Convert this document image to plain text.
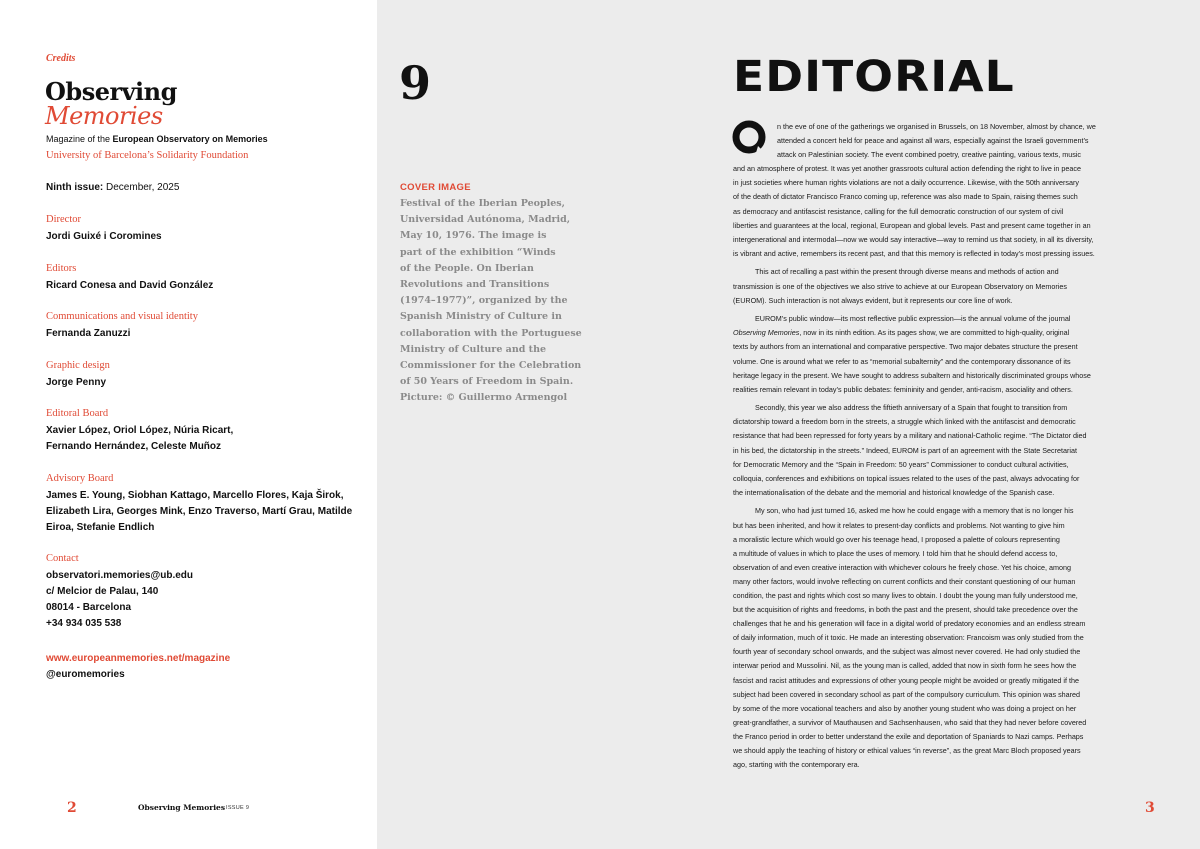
Credits
Observing
Memories
Magazine of the European Observatory on Memories
University of Barcelona’s Solidarity Foundation
Ninth issue: December, 2025
Director
Jordi Guixé i Coromines
Editors
Ricard Conesa and David González
Communications and visual identity
Fernanda Zanuzzi
Graphic design
Jorge Penny
Editoral Board
Xavier López, Oriol López, Núria Ricart,
Fernando Hernández, Celeste Muñoz
Advisory Board
James E. Young, Siobhan Kattago, Marcello Flores, Kaja Širok,
Elizabeth Lira, Georges Mink, Enzo Traverso, Martí Grau, Matilde
Eiroa, Stefanie Endlich
Contact
observatori.memories@ub.edu
c/ Melcior de Palau, 140
08014 - Barcelona
+34 934 035 538
www.europeanmemories.net/magazine
@euromemories
2	Observing Memories ISSUE 9
9
COVER IMAGE
Festival of the Iberian Peoples,
Universidad Autónoma, Madrid,
May 10, 1976. The image is
part of the exhibition “Winds
of the People. On Iberian
Revolutions and Transitions
(1974–1977)”, organized by the
Spanish Ministry of Culture in
collaboration with the Portuguese
Ministry of Culture and the
Commissioner for the Celebration
of 50 Years of Freedom in Spain.
Picture: © Guillermo Armengol
EDITORIAL
n the eve of one of the gatherings we organised in Brussels, on 18 November, almost by chance, we
attended a concert held for peace and against all wars, especially against the Israeli government’s
attack on Palestinian society. The event combined poetry, creative painting, various texts, music
and an atmosphere of protest. It was yet another grassroots cultural action defending the right to live in peace
in just societies where human rights violations are not a daily occurrence. Likewise, with the 50th anniversary
of the death of dictator Francisco Franco coming up, reference was also made to Spain, raising themes such
as democracy and antifascist resistance, calling for the full democratic construction of our system of civil
liberties and guarantees at the local, regional, European and global levels. Past and present came together in an
intergenerational and intermodal—now we would say interactive—way to remind us that society, in all its diversity,
is vibrant and active, remembers its recent past, and that this memory is reflected in today’s most pressing issues.
This act of recalling a past within the present through diverse means and methods of action and
transmission is one of the objectives we also strive to achieve at our European Observatory on Memories
(EUROM). Such interaction is not always evident, but it represents our core line of work.
EUROM’s public window—its most reflective public expression—is the annual volume of the journal
Observing Memories, now in its ninth edition. As its pages show, we are committed to high-quality, original
texts by authors from an international and comparative perspective. Two major debates structure the present
volume. One is around what we refer to as “memorial subalternity” and the contemporary dissonance of its
heritage legacy in the present. We have sought to address subaltern and historically discriminated groups whose
realities remain relevant in today’s public debates: femininity and gender, anti-racism, asociality and others.
Secondly, this year we also address the fiftieth anniversary of a Spain that fought to transition from
dictatorship toward a freedom born in the streets, a struggle which linked with the antifascist and democratic
resistance that had been repressed for forty years by a military and national-Catholic regime. “The Dictator died
in his bed, the dictatorship in the streets.” Indeed, EUROM is part of an agreement with the State Secretariat
for Democratic Memory and the “Spain in Freedom: 50 years” Commissioner to conduct cultural activities,
colloquia, conferences and exhibitions on topical issues related to the uses of the past, always advocating for
the internationalisation of the debate and the memorial and historical knowledge of the Spanish case.
My son, who had just turned 16, asked me how he could engage with a memory that is no longer his
but has been inherited, and how it relates to present-day conflicts and problems. Not wanting to give him
a moralistic lecture which would go over his teenage head, I proposed a palette of colours representing
a multitude of values in which to place the uses of memory. I told him that he should defend access to,
observation of and even creative interaction with whichever colours he freely chose. Yet his choice, among
many other factors, would involve reflecting on current conflicts and their constant questioning of our human
condition, the past and rights which cost so many lives to obtain. I doubt the young man fully understood me,
but the acquisition of rights and freedoms, in both the past and the present, should take precedence over the
challenges that he and his generation will face in a digital world of predatory economies and an endless stream
of daily information, much of it toxic. He made an interesting observation: Francoism was only studied from the
fourth year of secondary school onwards, and the subject was almost never covered. He had only studied the
interwar period and Mussolini. Nil, as the young man is called, added that now in sixth form he sees how the
fascist and racist attitudes and expressions of other young people might be avoided or greatly mitigated if the
subject had been covered in secondary school as part of the compulsory curriculum. This opinion was shared
by some of the more vocational teachers and also by another young student who was doing a project on her
great-grandfather, a survivor of Mauthausen and Sachsenhausen, who said that they had never before covered
the Franco period in order to better understand the exile and deportation of Spaniards to Nazi camps. Perhaps
we should apply the teaching of history or ethical values “in reverse”, as the great Marc Bloch proposed years
ago, starting with the contemporary era.
3
